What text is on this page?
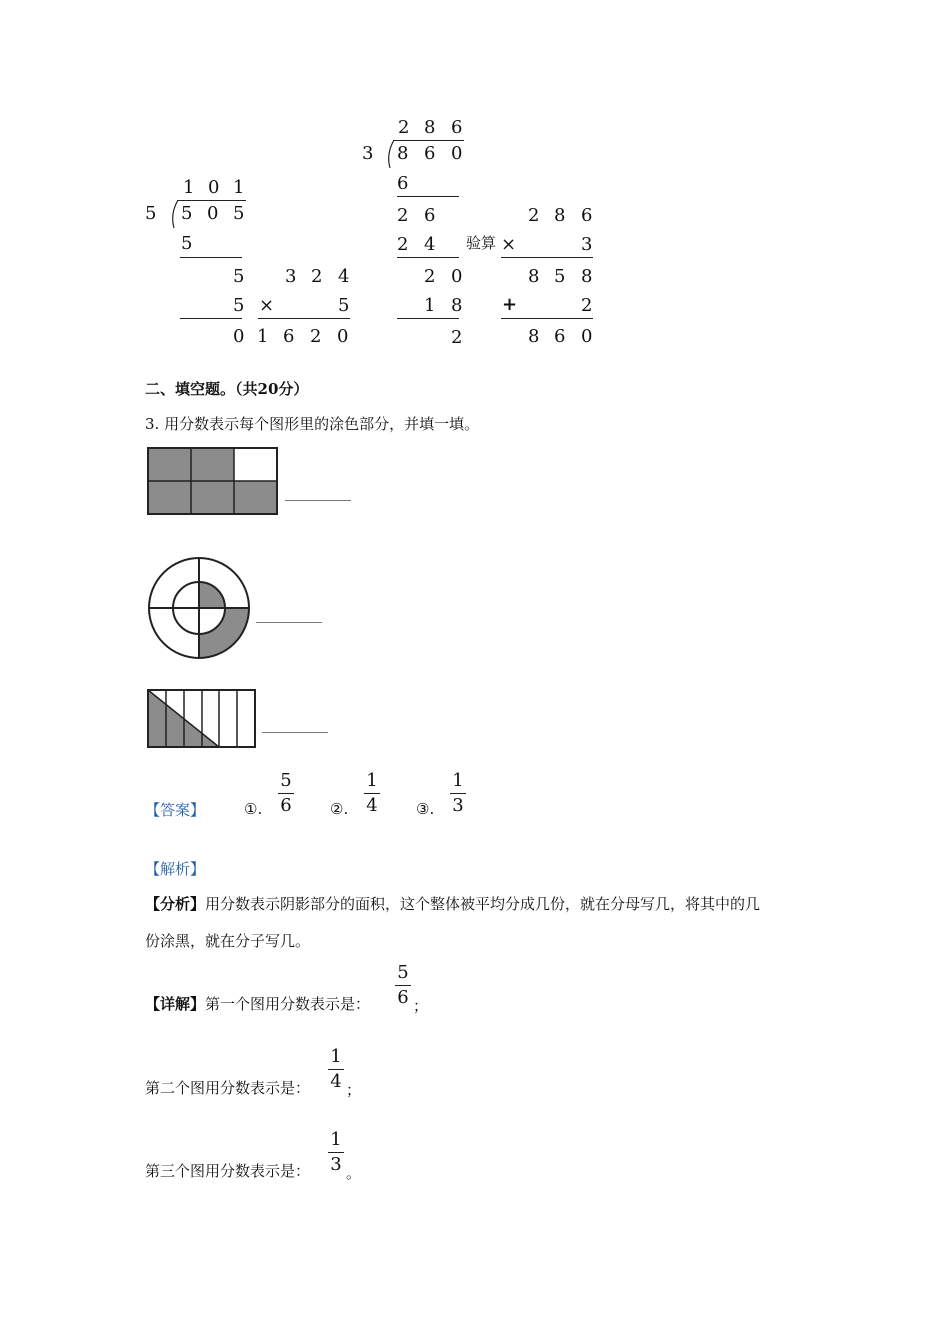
1 0 1
5 5 0 5
5
5
5
0
3 2 4
×	5
1 6 2 0
2 8 6
3 8 6 0
6
2 6
2 4
2 0
1 8
2
验算
2 8 6
×	3
8 5 8
+	2
8 6 0
二、填空题。（共20分）
3. 用分数表示每个图形里的涂色部分，并填一填。
【答案】	①.
5
6	②.
1
4	③.
1
3
【解析】
【分析】用分数表示阴影部分的面积，这个整体被平均分成几份，就在分母写几，将其中的几
份涂黑，就在分子写几。
【详解】第一个图用分数表示是：
5
6 ；
第二个图用分数表示是：
1
4 ；
第三个图用分数表示是：
1
3 。
